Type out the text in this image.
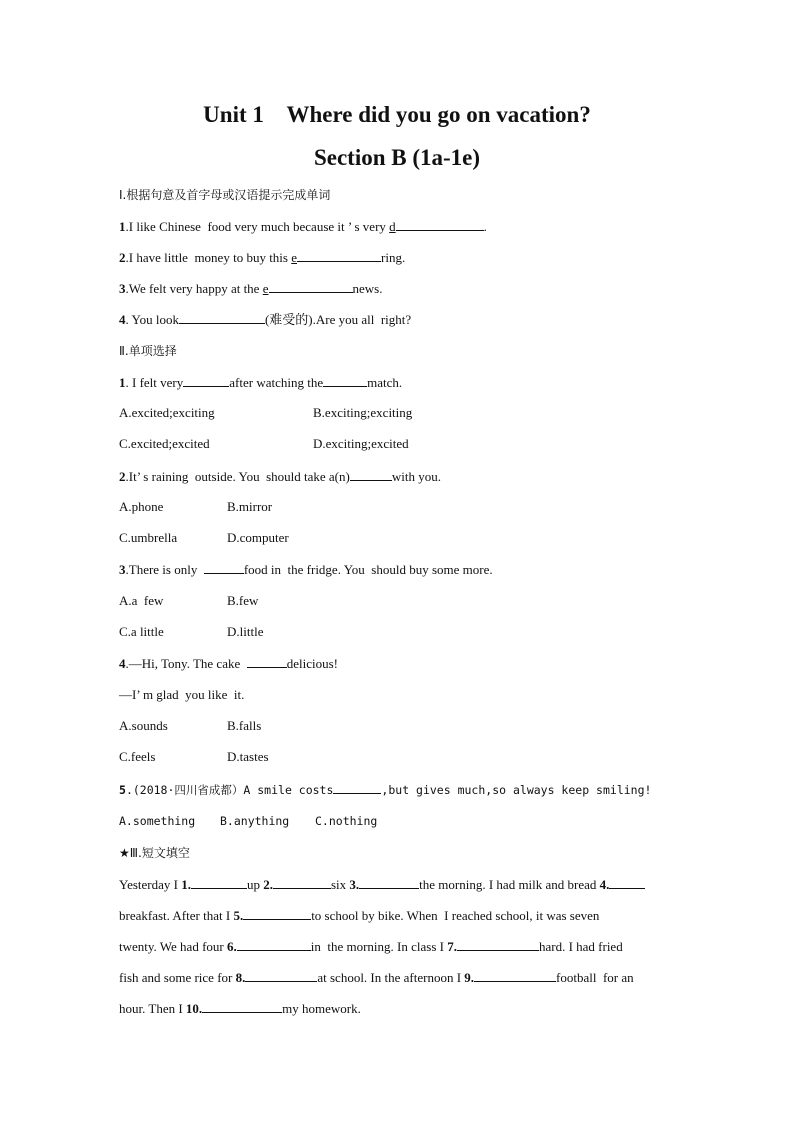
Unit 1    Where did you go on vacation?
Section B (1a-1e)
Ⅰ.根据句意及首字母或汉语提示完成单词
1.I like Chinese  food very much because it ’ s very d	.
2.I have little  money to buy this e	ring.
3.We felt very happy at the e	news.
4. You look	(难受的).Are you all  right?
Ⅱ.单项选择
1. I felt very	after watching the	match.
A.excited;exciting	B.exciting;exciting
C.excited;excited	D.exciting;excited
2.It’ s raining  outside. You  should take a(n)	with you.
A.phone	B.mirror
C.umbrella	D.computer
3.There is only	food in  the fridge. You  should buy some more.
A.a  few	B.few
C.a little	D.little
4.—Hi, Tony. The cake	delicious!
—I’ m glad  you like  it.
A.sounds	B.falls
C.feels	D.tastes
5.(2018·四川省成都）A smile costs	,but gives much,so always keep smiling!
A.something B.anything C.nothing
★Ⅲ.短文填空
Yesterday I 1.	up 2.	six 3.	the morning. I had milk and bread 4.
breakfast. After that I 5.	to school by bike. When  I reached school, it was seven
twenty. We had four 6.	in  the morning. In class I 7.	hard. I had fried
fish and some rice for 8.	at school. In the afternoon I 9.	football  for an
hour. Then I 10.	my homework.
